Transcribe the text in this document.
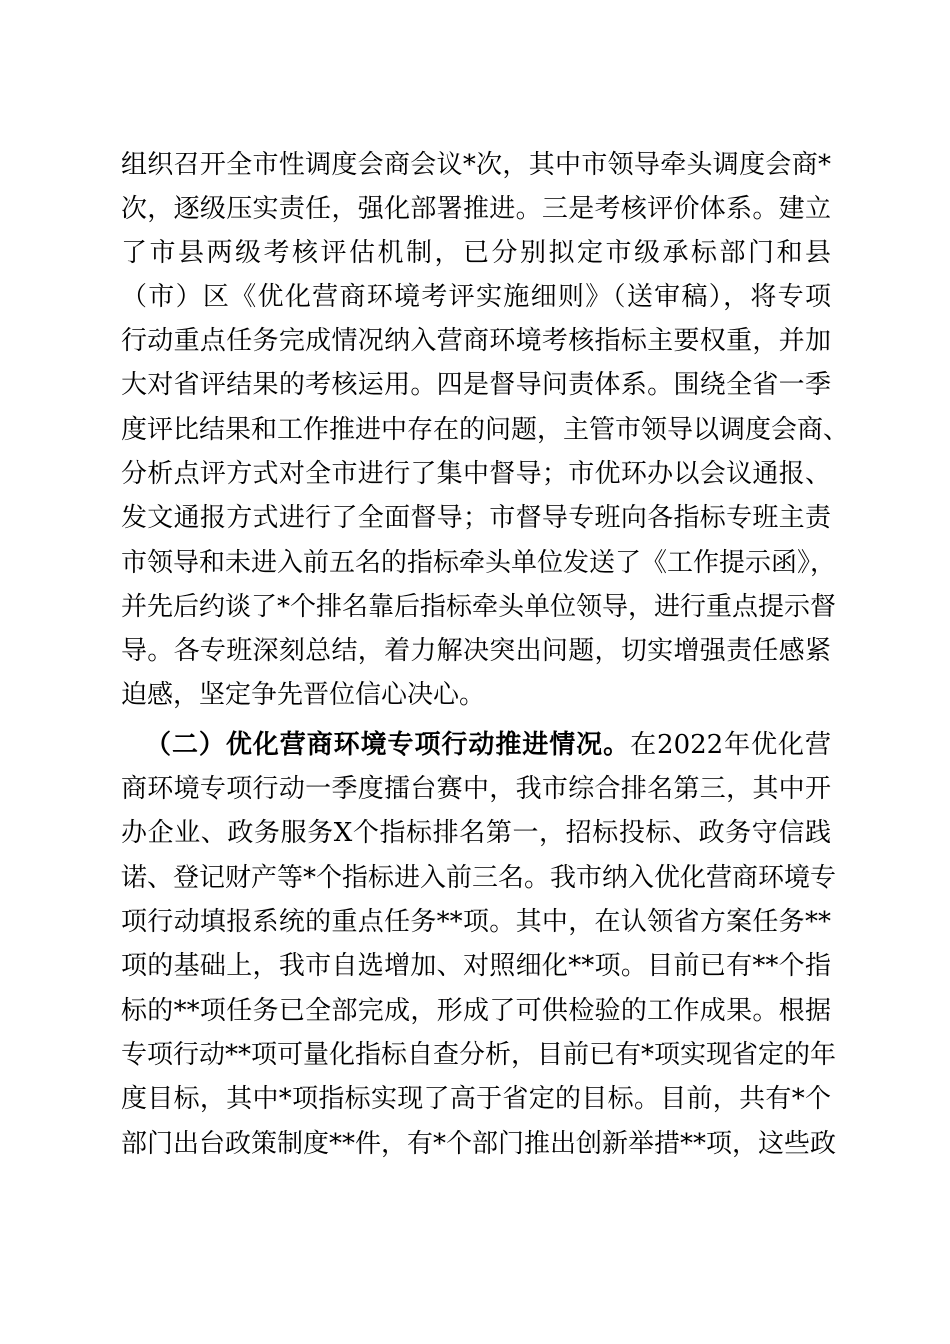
组织召开全市性调度会商会议*次，其中市领导牵头调度会商*
次，逐级压实责任，强化部署推进。三是考核评价体系。建立
了市县两级考核评估机制，已分别拟定市级承标部门和县
（市）区《优化营商环境考评实施细则》（送审稿），将专项
行动重点任务完成情况纳入营商环境考核指标主要权重，并加
大对省评结果的考核运用。四是督导问责体系。围绕全省一季
度评比结果和工作推进中存在的问题，主管市领导以调度会商、
分析点评方式对全市进行了集中督导；市优环办以会议通报、
发文通报方式进行了全面督导；市督导专班向各指标专班主责
市领导和未进入前五名的指标牵头单位发送了《工作提示函》，
并先后约谈了*个排名靠后指标牵头单位领导，进行重点提示督
导。各专班深刻总结，着力解决突出问题，切实增强责任感紧
迫感，坚定争先晋位信心决心。
（二）优化营商环境专项行动推进情况。在2022年优化营
商环境专项行动一季度擂台赛中，我市综合排名第三，其中开
办企业、政务服务X个指标排名第一，招标投标、政务守信践
诺、登记财产等*个指标进入前三名。我市纳入优化营商环境专
项行动填报系统的重点任务**项。其中，在认领省方案任务**
项的基础上，我市自选增加、对照细化**项。目前已有**个指
标的**项任务已全部完成，形成了可供检验的工作成果。根据
专项行动**项可量化指标自查分析，目前已有*项实现省定的年
度目标，其中*项指标实现了高于省定的目标。目前，共有*个
部门出台政策制度**件，有*个部门推出创新举措**项，这些政
